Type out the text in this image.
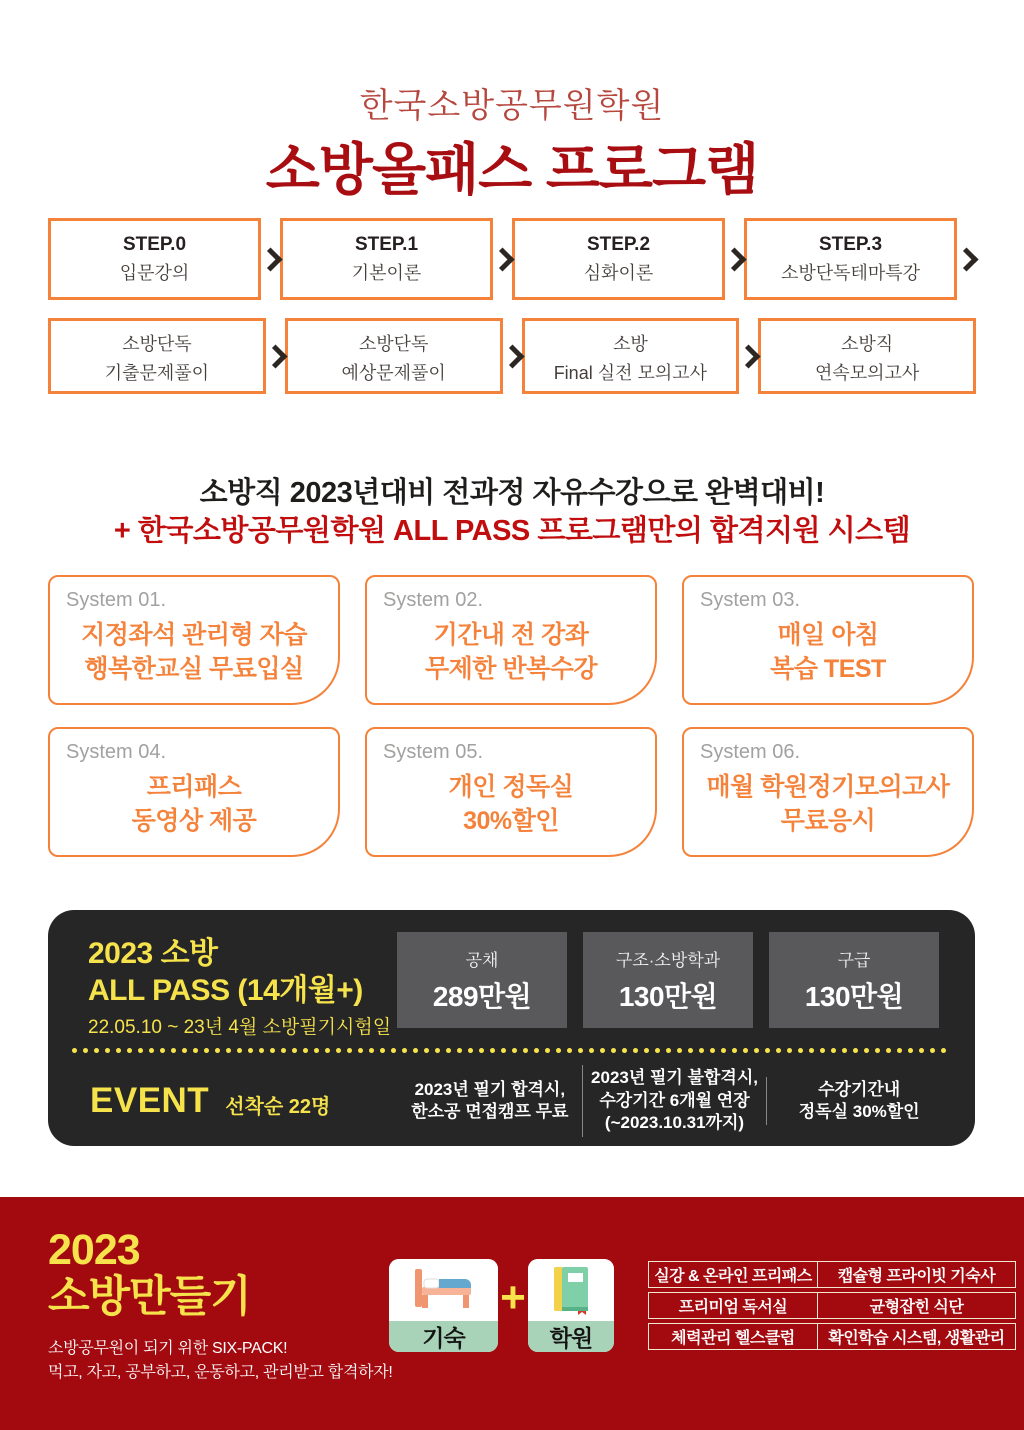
한국소방공무원학원
소방올패스 프로그램
STEP.0
입문강의
STEP.1
기본이론
STEP.2
심화이론
STEP.3
소방단독테마특강
소방단독
기출문제풀이
소방단독
예상문제풀이
소방
Final 실전 모의고사
소방직
연속모의고사
소방직 2023년대비 전과정 자유수강으로 완벽대비!
+ 한국소방공무원학원 ALL PASS 프로그램만의 합격지원 시스템
System 01.
지정좌석 관리형 자습
행복한교실 무료입실
System 02.
기간내 전 강좌
무제한 반복수강
System 03.
매일 아침
복습 TEST
System 04.
프리패스
동영상 제공
System 05.
개인 정독실
30%할인
System 06.
매월 학원정기모의고사
무료응시
2023 소방
ALL PASS (14개월+)
22.05.10 ~ 23년 4월 소방필기시험일
공채
289만원
구조·소방학과
130만원
구급
130만원
EVENT 선착순 22명
2023년 필기 합격시,
한소공 면접캠프 무료
2023년 필기 불합격시,
수강기간 6개월 연장
(~2023.10.31까지)
수강기간내
정독실 30%할인
2023
소방만들기
소방공무원이 되기 위한 SIX-PACK!
먹고, 자고, 공부하고, 운동하고, 관리받고 합격하자!
기숙
+
학원
실강 & 온라인 프리패스	캡슐형 프라이빗 기숙사
프리미엄 독서실	균형잡힌 식단
체력관리 헬스클럽	확인학습 시스템, 생활관리
